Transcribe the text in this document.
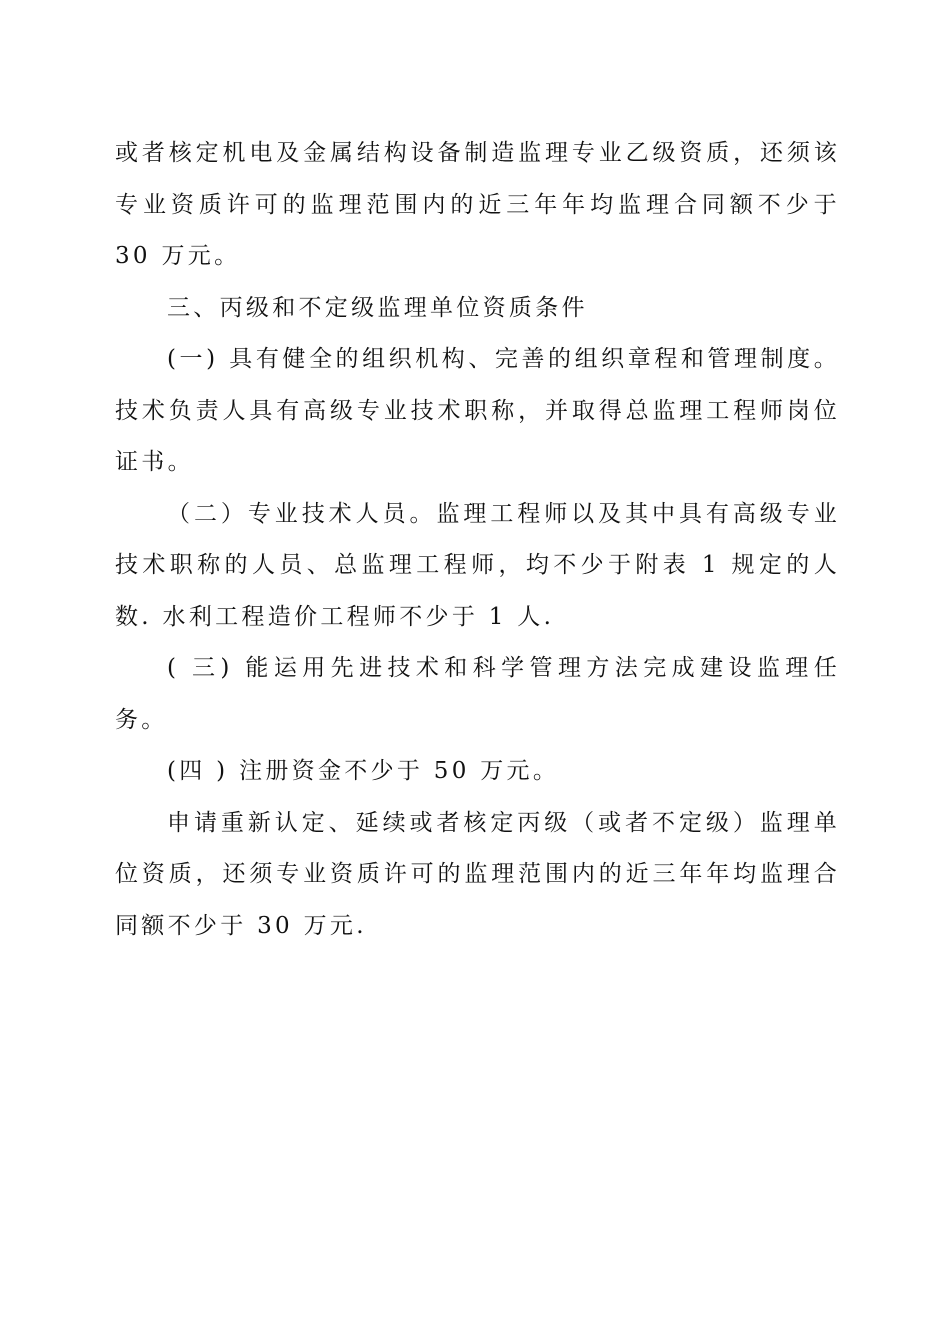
或者核定机电及金属结构设备制造监理专业乙级资质，还须该专业资质许可的监理范围内的近三年年均监理合同额不少于 30 万元。

三、丙级和不定级监理单位资质条件

(一) 具有健全的组织机构、完善的组织章程和管理制度。技术负责人具有高级专业技术职称，并取得总监理工程师岗位证书。

（二）专业技术人员。监理工程师以及其中具有高级专业技术职称的人员、总监理工程师，均不少于附表 1 规定的人数. 水利工程造价工程师不少于 1 人.

( 三) 能运用先进技术和科学管理方法完成建设监理任务。

(四 ) 注册资金不少于 50 万元。

申请重新认定、延续或者核定丙级（或者不定级）监理单位资质，还须专业资质许可的监理范围内的近三年年均监理合同额不少于 30 万元.
